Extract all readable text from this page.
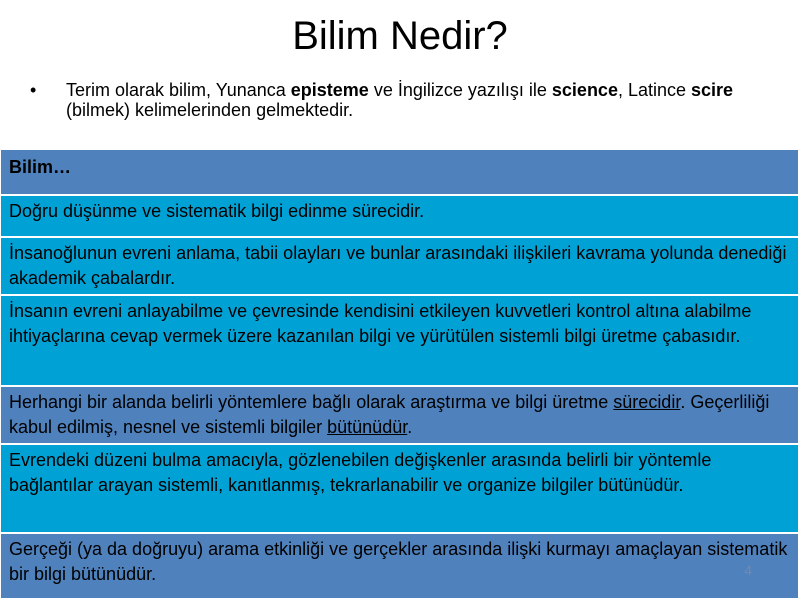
Bilim Nedir?
•	Terim olarak bilim, Yunanca episteme ve İngilizce yazılışı ile science, Latince scire (bilmek) kelimelerinden gelmektedir.
Bilim…
Doğru düşünme ve sistematik bilgi edinme sürecidir.
İnsanoğlunun evreni anlama, tabii olayları ve bunlar arasındaki ilişkileri kavrama yolunda denediği akademik çabalardır.
İnsanın evreni anlayabilme ve çevresinde kendisini etkileyen kuvvetleri kontrol altına alabilme ihtiyaçlarına cevap vermek üzere kazanılan bilgi ve yürütülen sistemli bilgi üretme çabasıdır.
Herhangi bir alanda belirli yöntemlere bağlı olarak araştırma ve bilgi üretme sürecidir. Geçerliliği kabul edilmiş, nesnel ve sistemli bilgiler bütünüdür.
Evrendeki düzeni bulma amacıyla, gözlenebilen değişkenler arasında belirli bir yöntemle bağlantılar arayan sistemli, kanıtlanmış, tekrarlanabilir ve organize bilgiler bütünüdür.
Gerçeği (ya da doğruyu) arama etkinliği ve gerçekler arasında ilişki kurmayı amaçlayan sistematik bir bilgi bütünüdür.	4
